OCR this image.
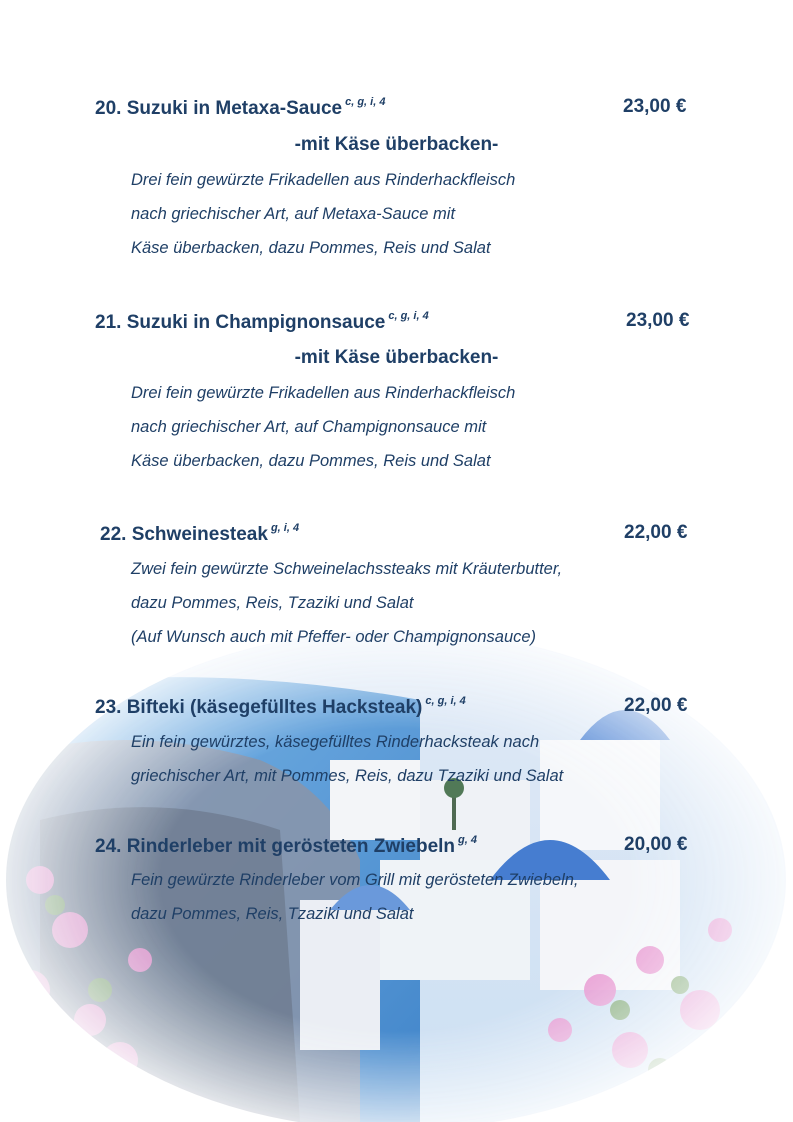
20. Suzuki in Metaxa-Sauce $^{c, g, i, 4}$	23,00 €
-mit Käse überbacken-
Drei fein gewürzte Frikadellen aus Rinderhackfleisch
nach griechischer Art, auf Metaxa-Sauce mit
Käse überbacken, dazu Pommes, Reis und Salat
21. Suzuki in Champignonsauce $^{c, g, i, 4}$	23,00 €
-mit Käse überbacken-
Drei fein gewürzte Frikadellen aus Rinderhackfleisch
nach griechischer Art, auf Champignonsauce mit
Käse überbacken, dazu Pommes, Reis und Salat
22. Schweinesteak $^{g, i, 4}$	22,00 €
Zwei fein gewürzte Schweinelachssteaks mit Kräuterbutter,
dazu Pommes, Reis, Tzaziki und Salat
(Auf Wunsch auch mit Pfeffer- oder Champignonsauce)
23. Bifteki (käsegefülltes Hacksteak) $^{c, g, i, 4}$	22,00 €
Ein fein gewürztes, käsegefülltes Rinderhacksteak nach
griechischer Art, mit Pommes, Reis, dazu Tzaziki und Salat
24. Rinderleber mit gerösteten Zwiebeln $^{g, 4}$	20,00 €
Fein gewürzte Rinderleber vom Grill mit gerösteten Zwiebeln,
dazu Pommes, Reis, Tzaziki und Salat
